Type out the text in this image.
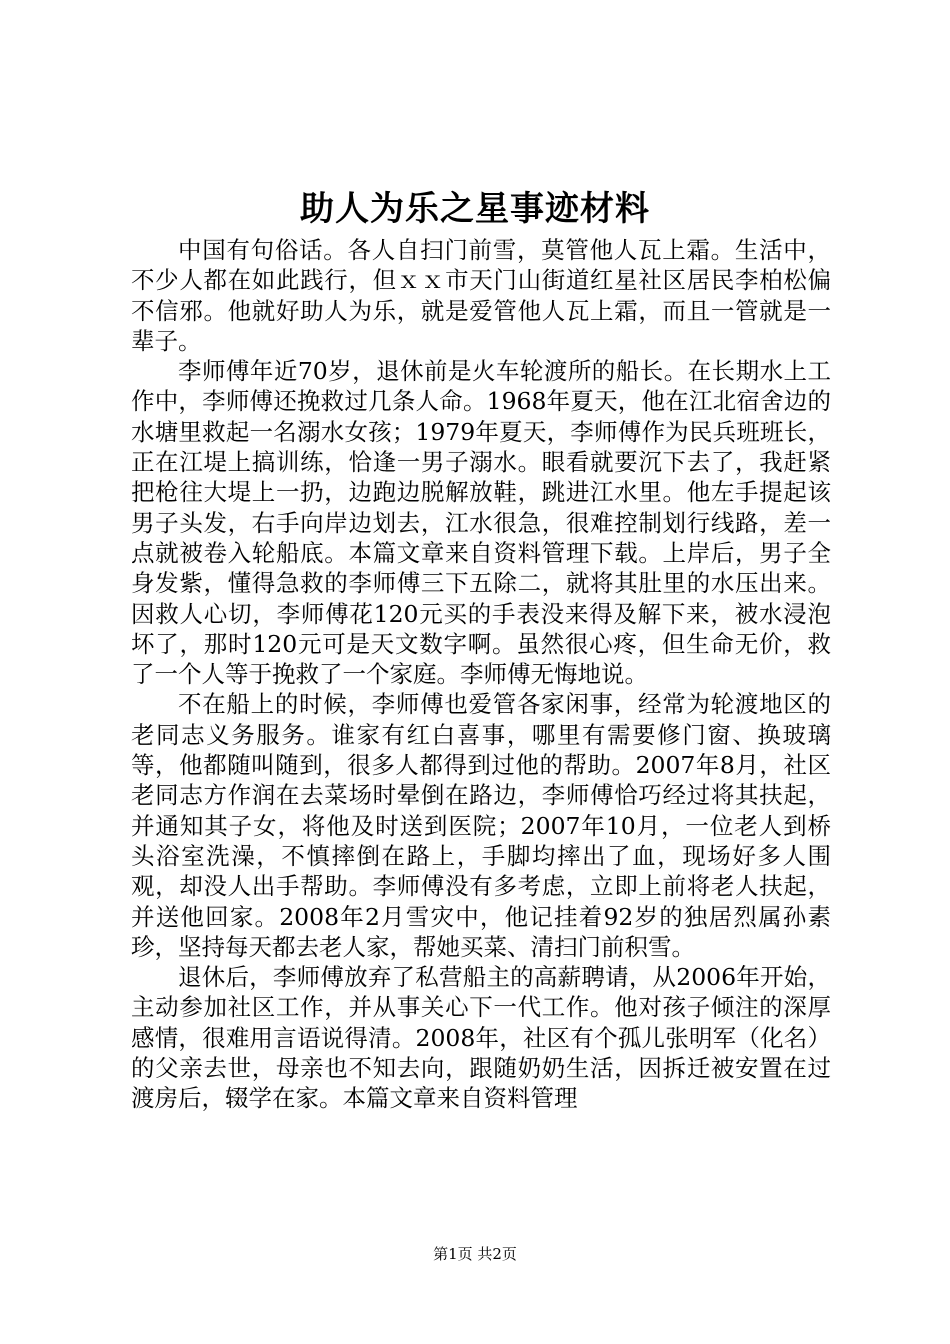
助人为乐之星事迹材料

中国有句俗话。各人自扫门前雪，莫管他人瓦上霜。生活中，不少人都在如此践行，但ｘｘ市天门山街道红星社区居民李柏松偏不信邪。他就好助人为乐，就是爱管他人瓦上霜，而且一管就是一辈子。

李师傅年近70岁，退休前是火车轮渡所的船长。在长期水上工作中，李师傅还挽救过几条人命。1968年夏天，他在江北宿舍边的水塘里救起一名溺水女孩；1979年夏天，李师傅作为民兵班班长，正在江堤上搞训练，恰逢一男子溺水。眼看就要沉下去了，我赶紧把枪往大堤上一扔，边跑边脱解放鞋，跳进江水里。他左手提起该男子头发，右手向岸边划去，江水很急，很难控制划行线路，差一点就被卷入轮船底。本篇文章来自资料管理下载。上岸后，男子全身发紫，懂得急救的李师傅三下五除二，就将其肚里的水压出来。因救人心切，李师傅花120元买的手表没来得及解下来，被水浸泡坏了，那时120元可是天文数字啊。虽然很心疼，但生命无价，救了一个人等于挽救了一个家庭。李师傅无悔地说。

不在船上的时候，李师傅也爱管各家闲事，经常为轮渡地区的老同志义务服务。谁家有红白喜事，哪里有需要修门窗、换玻璃等，他都随叫随到，很多人都得到过他的帮助。2007年8月，社区老同志方作润在去菜场时晕倒在路边，李师傅恰巧经过将其扶起，并通知其子女，将他及时送到医院；2007年10月，一位老人到桥头浴室洗澡，不慎摔倒在路上，手脚均摔出了血，现场好多人围观，却没人出手帮助。李师傅没有多考虑，立即上前将老人扶起，并送他回家。2008年2月雪灾中，他记挂着92岁的独居烈属孙素珍，坚持每天都去老人家，帮她买菜、清扫门前积雪。

退休后，李师傅放弃了私营船主的高薪聘请，从2006年开始，主动参加社区工作，并从事关心下一代工作。他对孩子倾注的深厚感情，很难用言语说得清。2008年，社区有个孤儿张明军（化名）的父亲去世，母亲也不知去向，跟随奶奶生活，因拆迁被安置在过渡房后，辍学在家。本篇文章来自资料管理

第1页 共2页
